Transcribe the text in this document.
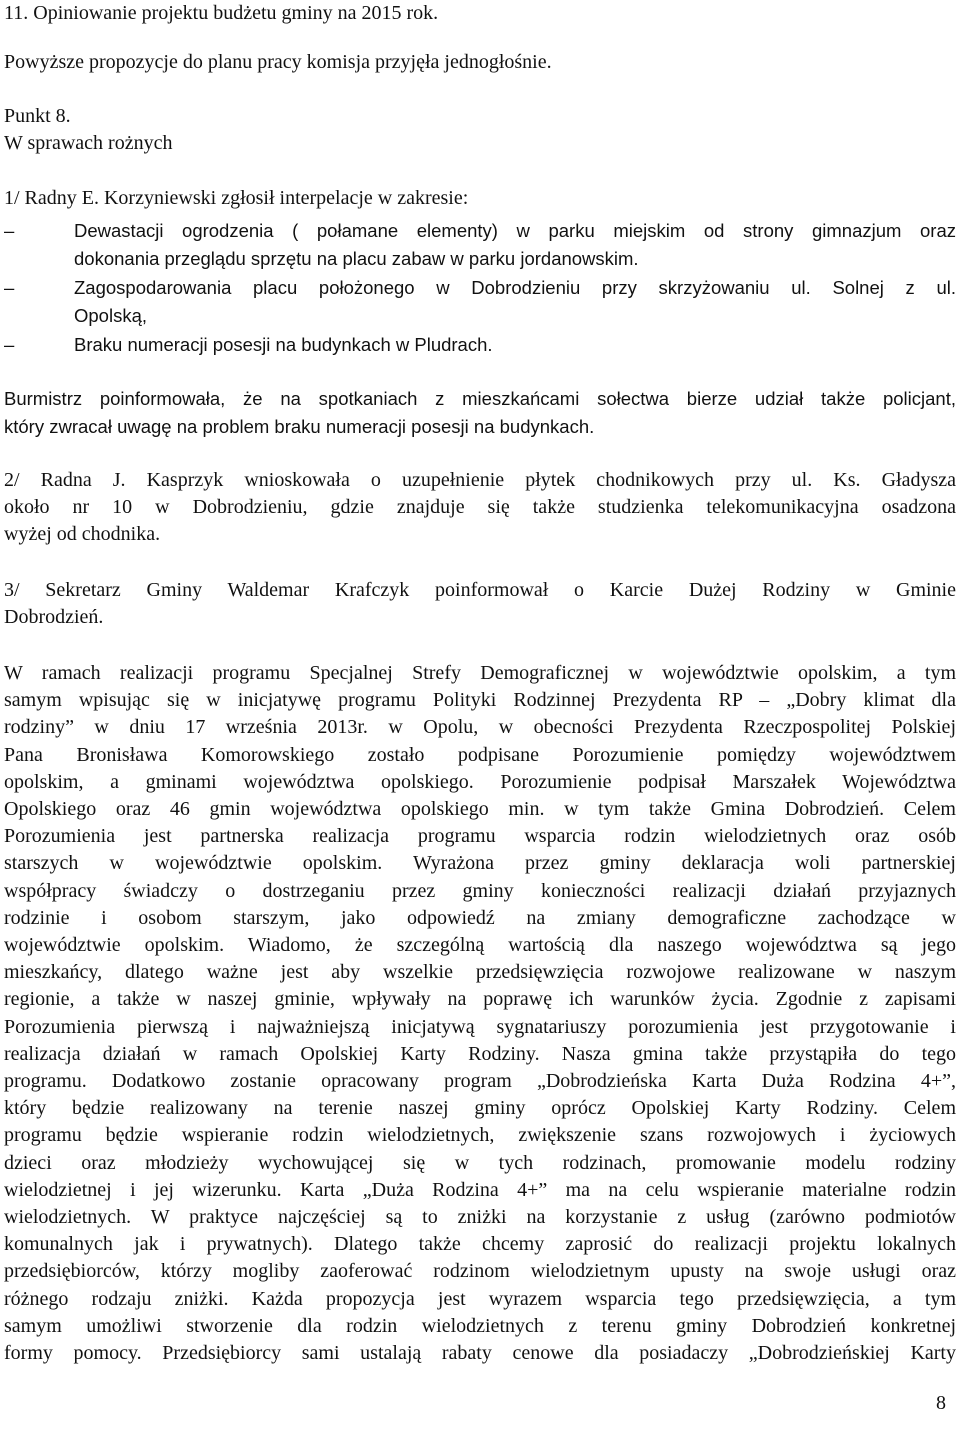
11. Opiniowanie projektu budżetu gminy na 2015 rok.
Powyższe propozycje do planu pracy komisja przyjęła jednogłośnie.
Punkt 8.
W sprawach rożnych
1/ Radny E. Korzyniewski zgłosił interpelacje w zakresie:
–	Dewastacji ogrodzenia ( połamane elementy) w parku miejskim od strony gimnazjum oraz
dokonania przeglądu sprzętu na placu zabaw w parku jordanowskim.
–	Zagospodarowania placu położonego w Dobrodzieniu przy skrzyżowaniu ul. Solnej z ul.
Opolską,
–	Braku numeracji posesji na budynkach w Pludrach.
Burmistrz poinformowała, że na spotkaniach z mieszkańcami sołectwa bierze udział także policjant,
który zwracał uwagę na problem braku numeracji posesji na budynkach.
2/ Radna J. Kasprzyk wnioskowała o uzupełnienie płytek chodnikowych przy ul. Ks. Gładysza
około nr 10 w Dobrodzieniu, gdzie znajduje się także studzienka telekomunikacyjna osadzona
wyżej od chodnika.
3/ Sekretarz Gminy Waldemar Krafczyk poinformował o Karcie Dużej Rodziny w Gminie
Dobrodzień.
W ramach realizacji programu Specjalnej Strefy Demograficznej w województwie opolskim, a tym
samym wpisując się w inicjatywę programu Polityki Rodzinnej Prezydenta RP – „Dobry klimat dla
rodziny” w dniu 17 września 2013r. w Opolu, w obecności Prezydenta Rzeczpospolitej Polskiej
Pana Bronisława Komorowskiego zostało podpisane Porozumienie pomiędzy województwem
opolskim, a gminami województwa opolskiego. Porozumienie podpisał Marszałek Województwa
Opolskiego oraz 46 gmin województwa opolskiego min. w tym także Gmina Dobrodzień. Celem
Porozumienia jest partnerska realizacja programu wsparcia rodzin wielodzietnych oraz osób
starszych w województwie opolskim. Wyrażona przez gminy deklaracja woli partnerskiej
współpracy świadczy o dostrzeganiu przez gminy konieczności realizacji działań przyjaznych
rodzinie i osobom starszym, jako odpowiedź na zmiany demograficzne zachodzące w
województwie opolskim. Wiadomo, że szczególną wartością dla naszego województwa są jego
mieszkańcy, dlatego ważne jest aby wszelkie przedsięwzięcia rozwojowe realizowane w naszym
regionie, a także w naszej gminie, wpływały na poprawę ich warunków życia. Zgodnie z zapisami
Porozumienia pierwszą i najważniejszą inicjatywą sygnatariuszy porozumienia jest przygotowanie i
realizacja działań w ramach Opolskiej Karty Rodziny. Nasza gmina także przystąpiła do tego
programu. Dodatkowo zostanie opracowany program „Dobrodzieńska Karta Duża Rodzina 4+”,
który będzie realizowany na terenie naszej gminy oprócz Opolskiej Karty Rodziny. Celem
programu będzie wspieranie rodzin wielodzietnych, zwiększenie szans rozwojowych i życiowych
dzieci oraz młodzieży wychowującej się w tych rodzinach, promowanie modelu rodziny
wielodzietnej i jej wizerunku. Karta „Duża Rodzina 4+” ma na celu wspieranie materialne rodzin
wielodzietnych. W praktyce najczęściej są to zniżki na korzystanie z usług (zarówno podmiotów
komunalnych jak i prywatnych). Dlatego także chcemy zaprosić do realizacji projektu lokalnych
przedsiębiorców, którzy mogliby zaoferować rodzinom wielodzietnym upusty na swoje usługi oraz
różnego rodzaju zniżki. Każda propozycja jest wyrazem wsparcia tego przedsięwzięcia, a tym
samym umożliwi stworzenie dla rodzin wielodzietnych z terenu gminy Dobrodzień konkretnej
formy pomocy. Przedsiębiorcy sami ustalają rabaty cenowe dla posiadaczy „Dobrodzieńskiej Karty
8
